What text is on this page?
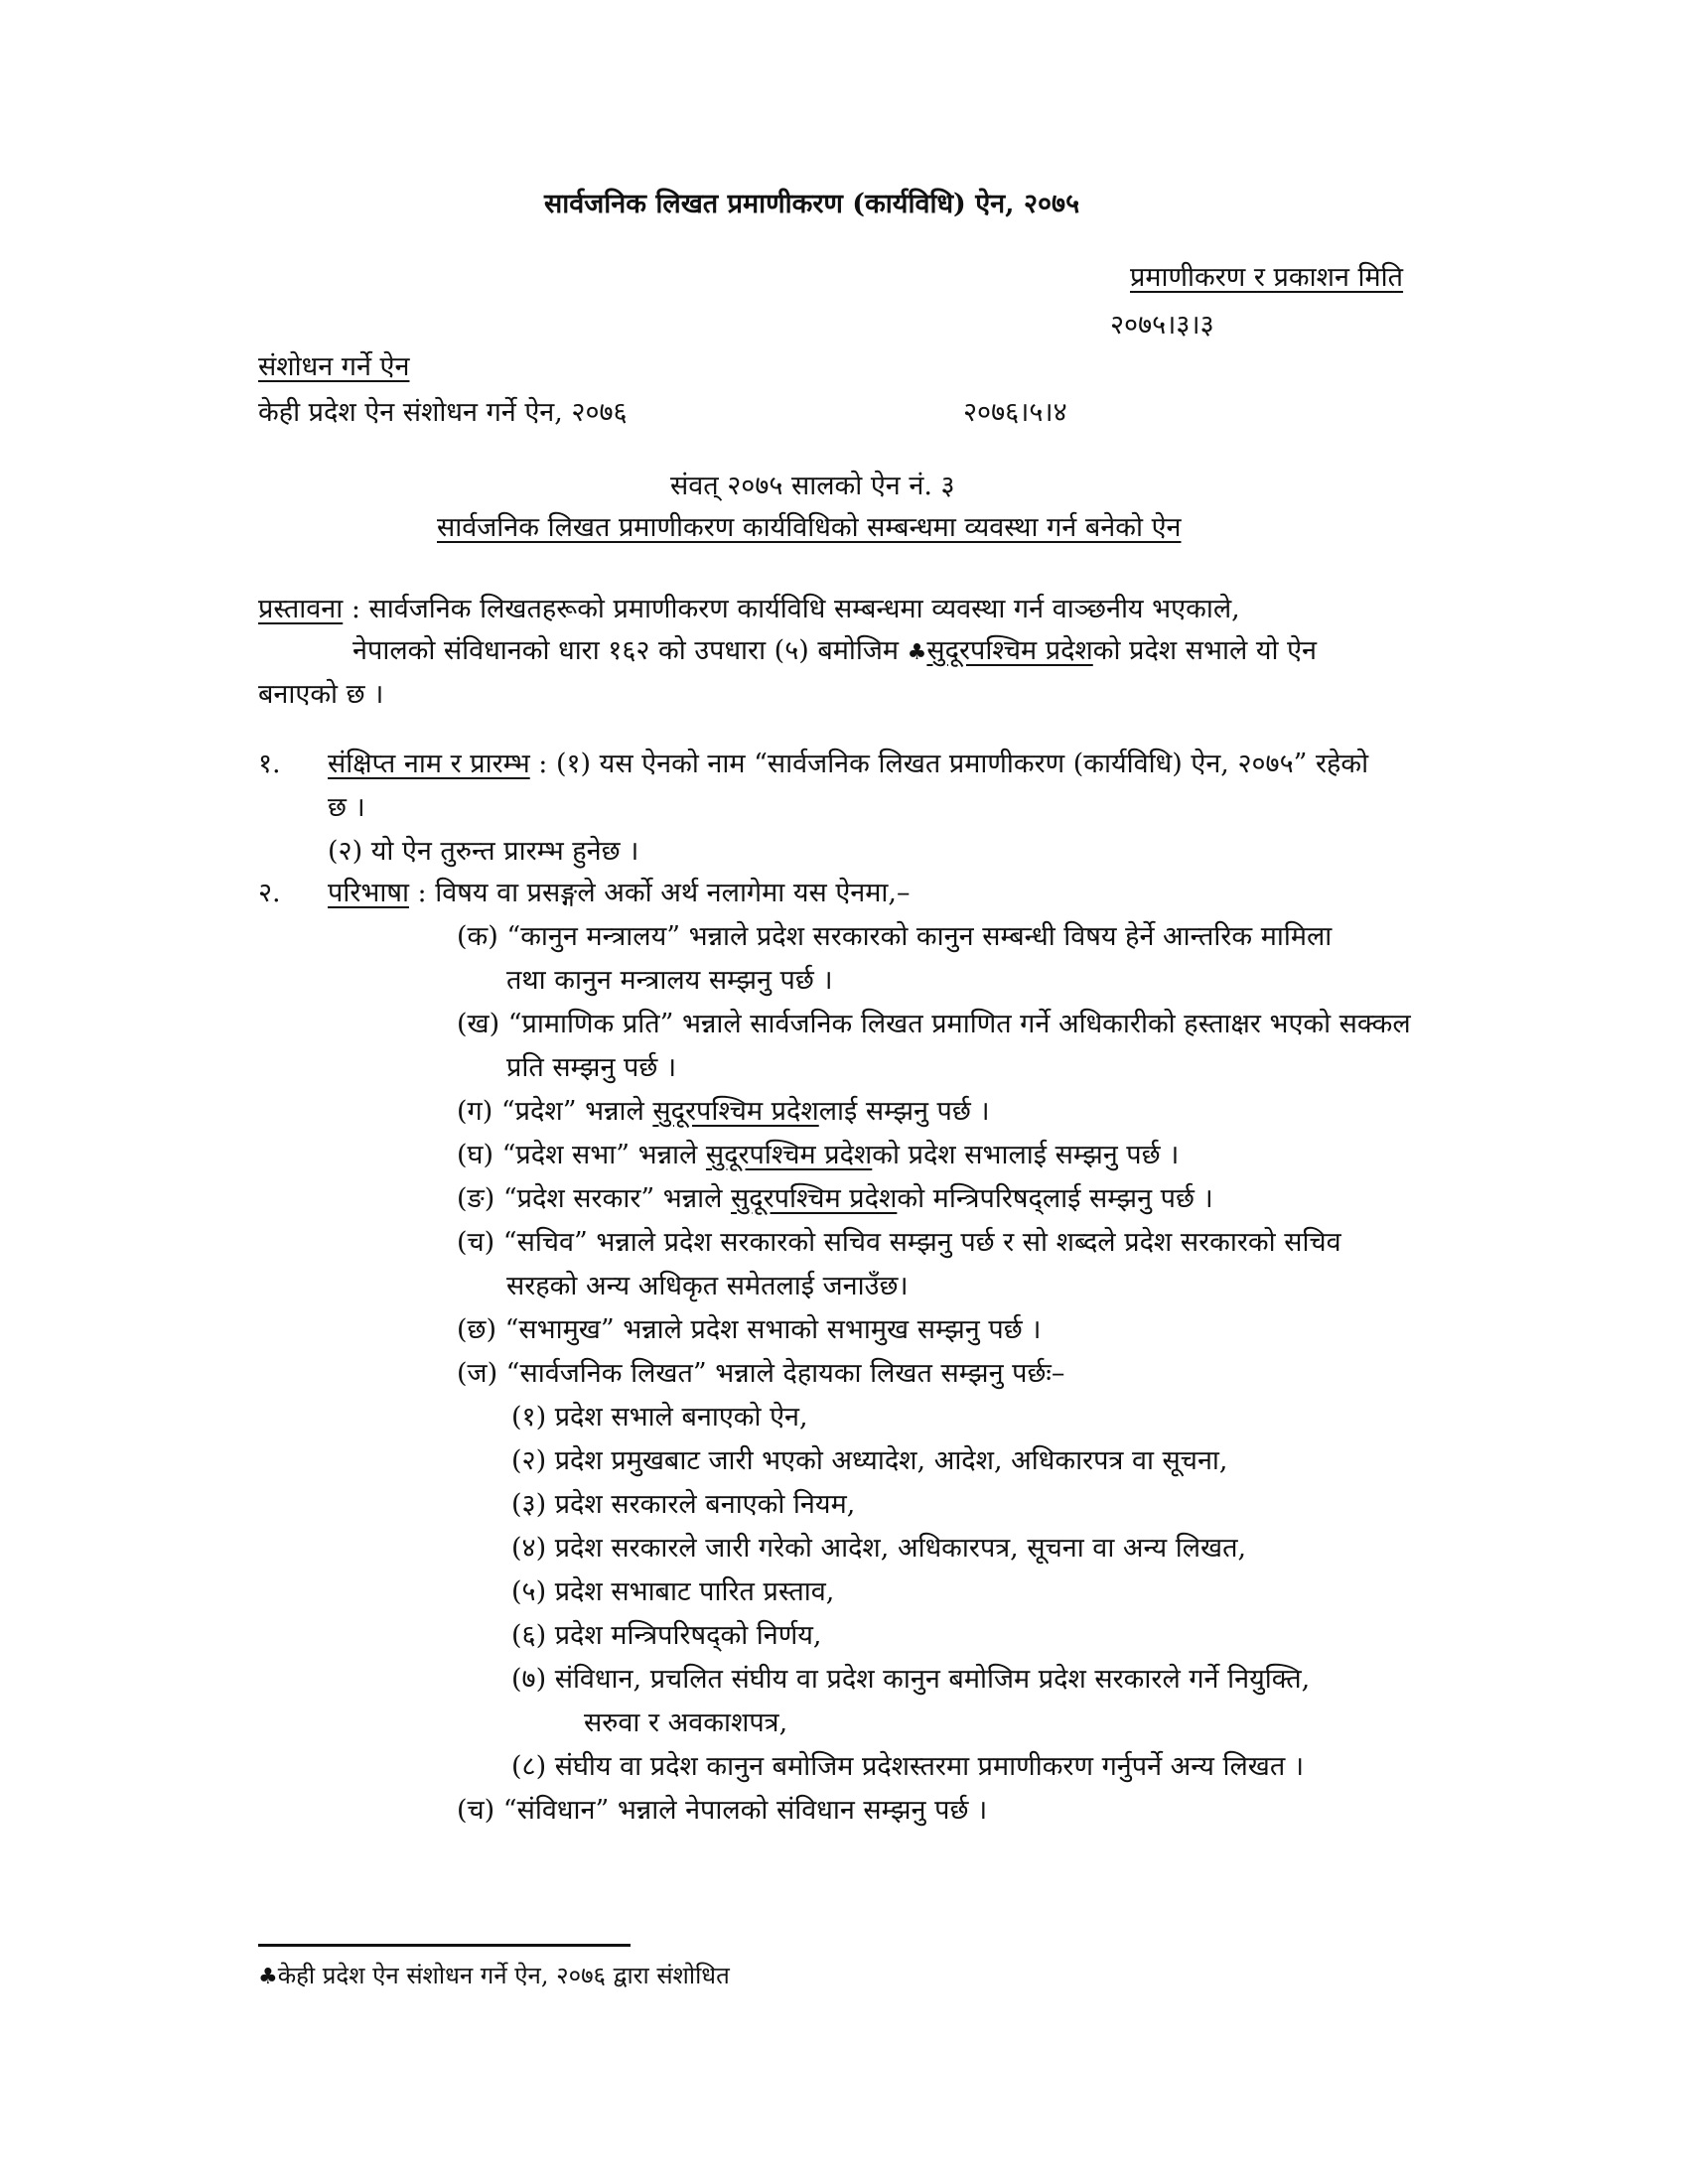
सार्वजनिक लिखत प्रमाणीकरण (कार्यविधि) ऐन, २०७५
प्रमाणीकरण र प्रकाशन मिति
२०७५।३।३
संशोधन गर्ने ऐन
केही प्रदेश ऐन संशोधन गर्ने ऐन, २०७६	२०७६।५।४
संवत् २०७५ सालको ऐन नं. ३
सार्वजनिक लिखत प्रमाणीकरण कार्यविधिको सम्बन्धमा व्यवस्था गर्न बनेको ऐन
प्रस्तावना : सार्वजनिक लिखतहरूको प्रमाणीकरण कार्यविधि सम्बन्धमा व्यवस्था गर्न वाञ्छनीय भएकाले,
नेपालको संविधानको धारा १६२ को उपधारा (५) बमोजिम ♣सुदूरपश्चिम प्रदेशको प्रदेश सभाले यो ऐन
बनाएको छ ।
१. संक्षिप्त नाम र प्रारम्भ : (१) यस ऐनको नाम “सार्वजनिक लिखत प्रमाणीकरण (कार्यविधि) ऐन, २०७५” रहेको
छ ।
(२) यो ऐन तुरुन्त प्रारम्भ हुनेछ ।
२. परिभाषा : विषय वा प्रसङ्गले अर्को अर्थ नलागेमा यस ऐनमा,–
(क) “कानुन मन्त्रालय” भन्नाले प्रदेश सरकारको कानुन सम्बन्धी विषय हेर्ने आन्तरिक मामिला
तथा कानुन मन्त्रालय सम्झनु पर्छ ।
(ख) “प्रामाणिक प्रति” भन्नाले सार्वजनिक लिखत प्रमाणित गर्ने अधिकारीको हस्ताक्षर भएको सक्कल
प्रति सम्झनु पर्छ ।
(ग) “प्रदेश” भन्नाले सुदूरपश्चिम प्रदेशलाई सम्झनु पर्छ ।
(घ) “प्रदेश सभा” भन्नाले सुदूरपश्चिम प्रदेशको प्रदेश सभालाई सम्झनु पर्छ ।
(ङ) “प्रदेश सरकार” भन्नाले सुदूरपश्चिम प्रदेशको मन्त्रिपरिषद्लाई सम्झनु पर्छ ।
(च) “सचिव” भन्नाले प्रदेश सरकारको सचिव सम्झनु पर्छ र सो शब्दले प्रदेश सरकारको सचिव
सरहको अन्य अधिकृत समेतलाई जनाउँछ।
(छ) “सभामुख” भन्नाले प्रदेश सभाको सभामुख सम्झनु पर्छ ।
(ज) “सार्वजनिक लिखत” भन्नाले देहायका लिखत सम्झनु पर्छः–
(१) प्रदेश सभाले बनाएको ऐन,
(२) प्रदेश प्रमुखबाट जारी भएको अध्यादेश, आदेश, अधिकारपत्र वा सूचना,
(३) प्रदेश सरकारले बनाएको नियम,
(४) प्रदेश सरकारले जारी गरेको आदेश, अधिकारपत्र, सूचना वा अन्य लिखत,
(५) प्रदेश सभाबाट पारित प्रस्ताव,
(६) प्रदेश मन्त्रिपरिषद्को निर्णय,
(७) संविधान, प्रचलित संघीय वा प्रदेश कानुन बमोजिम प्रदेश सरकारले गर्ने नियुक्ति,
सरुवा र अवकाशपत्र,
(८) संघीय वा प्रदेश कानुन बमोजिम प्रदेशस्तरमा प्रमाणीकरण गर्नुपर्ने अन्य लिखत ।
(च) “संविधान” भन्नाले नेपालको संविधान सम्झनु पर्छ ।
♣केही प्रदेश ऐन संशोधन गर्ने ऐन, २०७६ द्वारा संशोधित
